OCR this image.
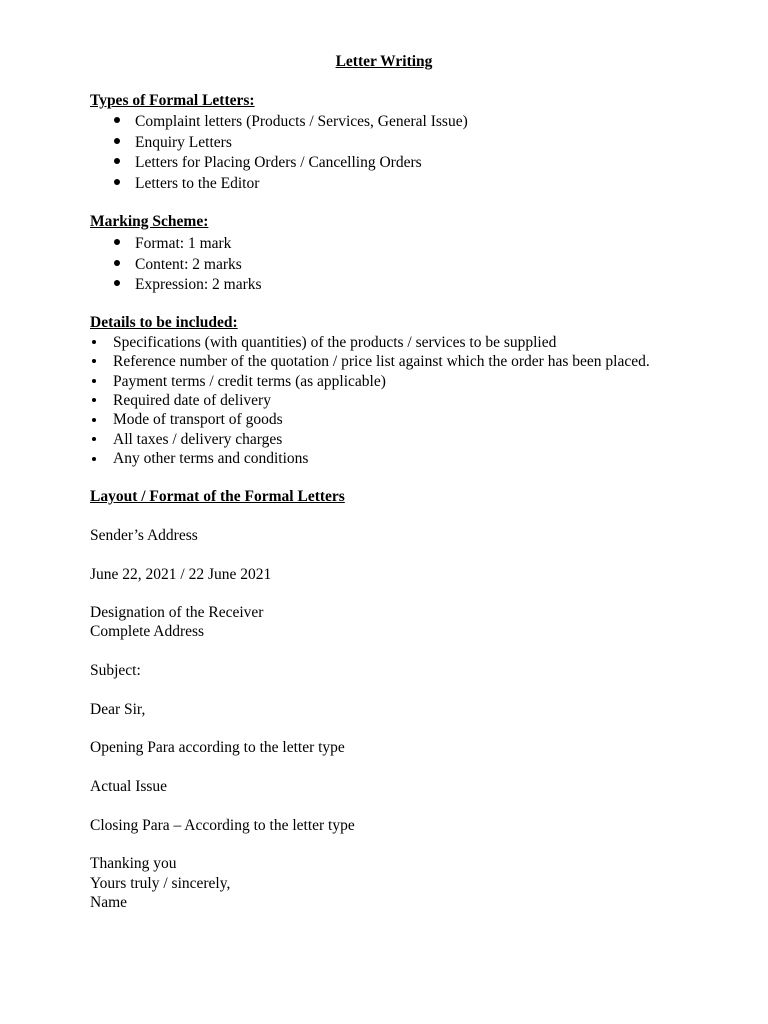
Letter Writing
Types of Formal Letters:
Complaint letters (Products / Services, General Issue)
Enquiry Letters
Letters for Placing Orders / Cancelling Orders
Letters to the Editor
Marking Scheme:
Format: 1 mark
Content: 2 marks
Expression: 2 marks
Details to be included:
Specifications (with quantities) of the products / services to be supplied
Reference number of the quotation / price list against which the order has been placed.
Payment terms / credit terms (as applicable)
Required date of delivery
Mode of transport of goods
All taxes / delivery charges
Any other terms and conditions
Layout / Format of the Formal Letters
Sender’s Address
June 22, 2021 / 22 June 2021
Designation of the Receiver
Complete Address
Subject:
Dear Sir,
Opening Para according to the letter type
Actual Issue
Closing Para – According to the letter type
Thanking you
Yours truly / sincerely,
Name
